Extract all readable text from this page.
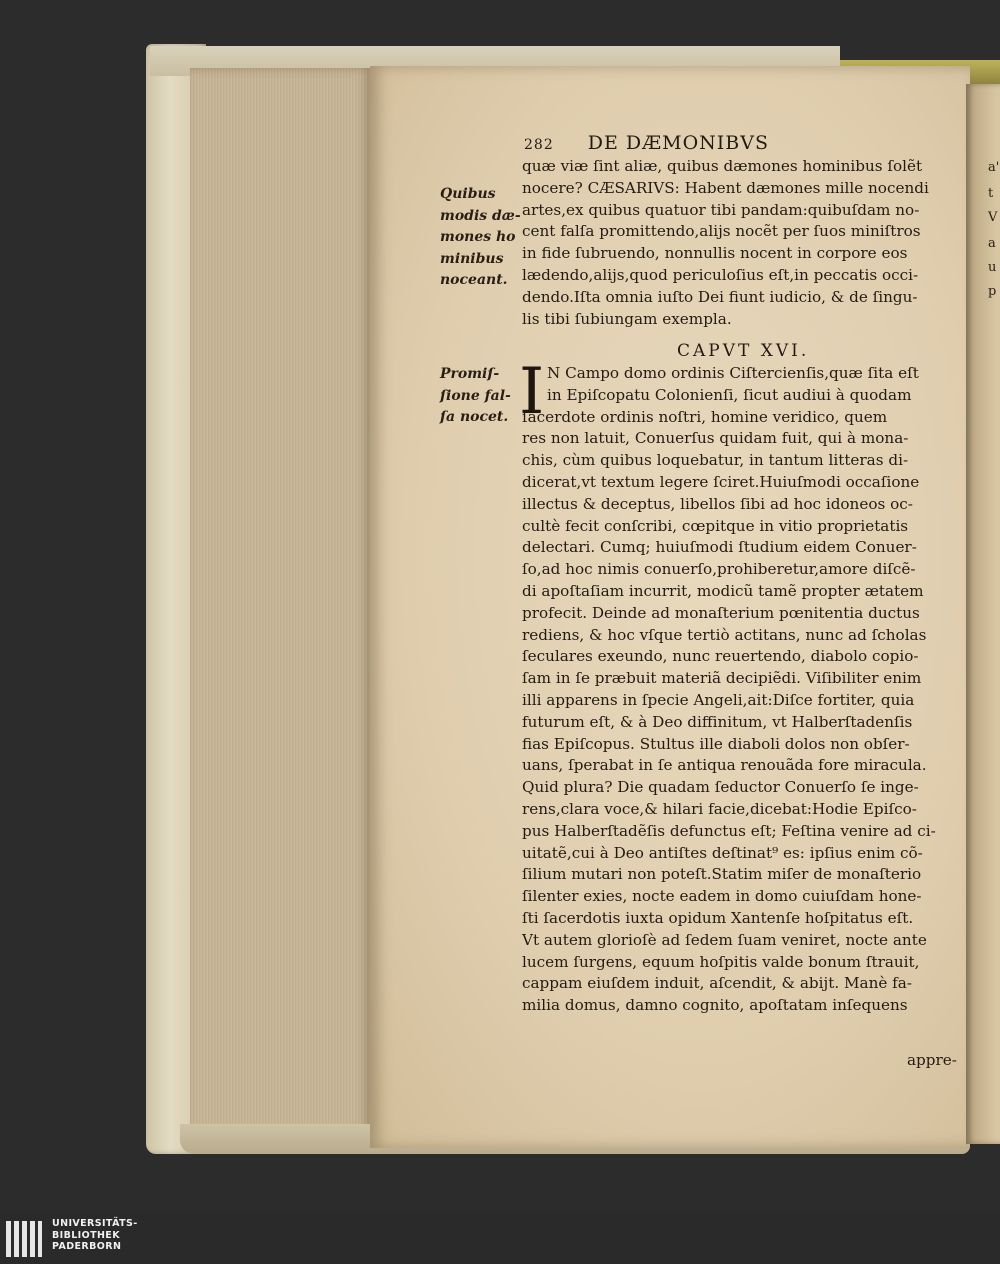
282 DE DÆMONIBVS
quæ viæ ſint aliæ, quibus dæmones hominibus ſolẽt
nocere? CÆSARIVS: Habent dæmones mille nocendi
artes,ex quibus quatuor tibi pandam:quibuſdam no-
cent falſa promittendo,alijs nocẽt per ſuos miniſtros
in fide ſubruendo, nonnullis nocent in corpore eos
lædendo,alijs,quod periculoſius eſt,in peccatis occi-
dendo.Iſta omnia iuſto Dei fiunt iudicio, & de ſingu-
lis tibi ſubiungam exempla.
CAPVT XVI.
I N Campo domo ordinis Ciſtercienſis,quæ ſita eſt
in Epiſcopatu Colonienſi, ſicut audiui à quodam
ſacerdote ordinis noſtri, homine veridico, quem
res non latuit, Conuerſus quidam fuit, qui à mona-
chis, cùm quibus loquebatur, in tantum litteras di-
dicerat,vt textum legere ſciret.Huiuſmodi occaſione
illectus & deceptus, libellos ſibi ad hoc idoneos oc-
cultè fecit conſcribi, cœpitque in vitio proprietatis
delectari. Cumq; huiuſmodi ſtudium eidem Conuer-
ſo,ad hoc nimis conuerſo,prohiberetur,amore diſcẽ-
di apoſtaſiam incurrit, modicũ tamẽ propter ætatem
profecit. Deinde ad monaſterium pœnitentia ductus
rediens, & hoc vſque tertiò actitans, nunc ad ſcholas
ſeculares exeundo, nunc reuertendo, diabolo copio-
ſam in ſe præbuit materiã decipiẽdi. Viſibiliter enim
illi apparens in ſpecie Angeli,ait:Diſce fortiter, quia
futurum eſt, & à Deo diffinitum, vt Halberſtadenſis
fias Epiſcopus. Stultus ille diaboli dolos non obſer-
uans, ſperabat in ſe antiqua renouãda fore miracula.
Quid plura? Die quadam ſeductor Conuerſo ſe inge-
rens,clara voce,& hilari facie,dicebat:Hodie Epiſco-
pus Halberſtadẽſis defunctus eſt; Feſtina venire ad ci-
uitatẽ,cui à Deo antiſtes deſtinat⁹ es: ipſius enim cõ-
ſilium mutari non poteſt.Statim miſer de monaſterio
ſilenter exies, nocte eadem in domo cuiuſdam hone-
ſti ſacerdotis iuxta opidum Xantenſe hoſpitatus eſt.
Vt autem glorioſè ad ſedem ſuam veniret, nocte ante
lucem ſurgens, equum hoſpitis valde bonum ſtrauit,
cappam eiuſdem induit, aſcendit, & abijt. Manè fa-
milia domus, damno cognito, apoſtatam inſequens
appre-
Quibus
modis dæ-
mones ho
minibus
noceant.
Promiſ-
ſione fal-
ſa nocet.
a'
t
V
a
u
p
UNIVERSITÄTS-
BIBLIOTHEK
PADERBORN
